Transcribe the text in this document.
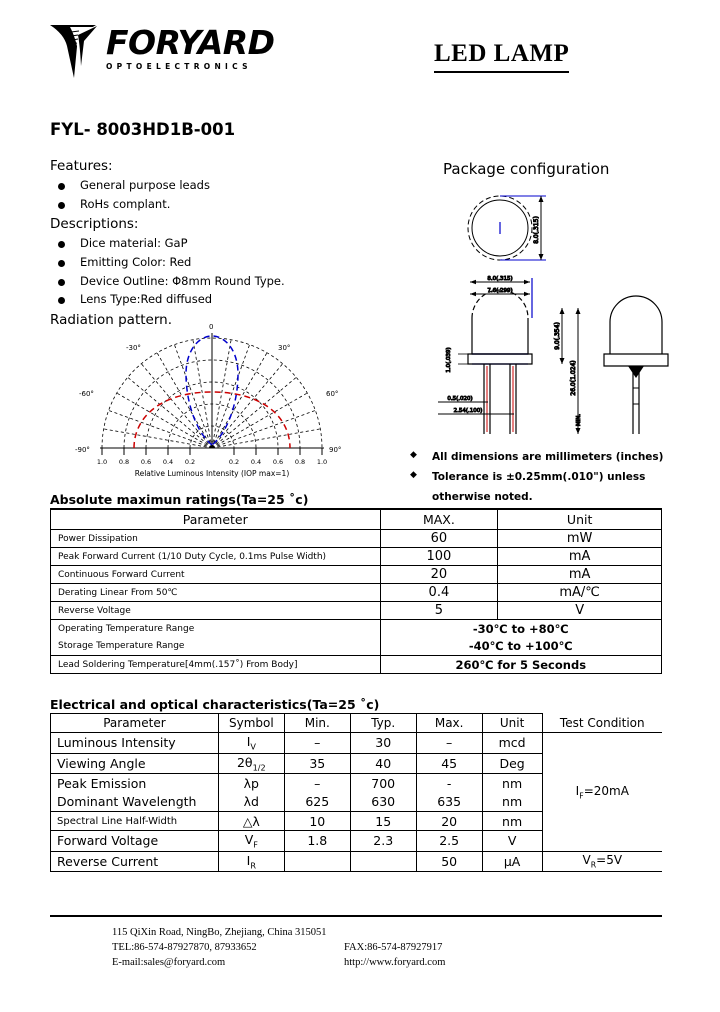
FORYARD
OPTOELECTRONICS	LED LAMP
FYL- 8003HD1B-001
Features:
General purpose leads
RoHs complant.
Descriptions:
Dice material: GaP
Emitting Color: Red
Device Outline: Φ8mm Round Type.
Lens Type:Red diffused
Radiation pattern.
-90°
-60°
-30°
0
30°
60°
90°
1.0 0.8 0.6 0.4 0.2	0.2 0.4 0.6 0.8 1.0
Relative Luminous Intensity (IOP max=1)
Package configuration
8.0(.315)
8.0(.315)
7.6(.299)
0.5(.020)
2.54(.100)
9.0(.354)
26.0(1.024)
MIN.
1.0(.039)
◆ All dimensions are millimeters (inches)
◆ Tolerance is ±0.25mm(.010") unless
otherwise noted.
Absolute maximun ratings(Ta=25 ˚c)
Parameter	MAX.	Unit
Power Dissipation	60	mW
Peak Forward Current (1/10 Duty Cycle, 0.1ms Pulse Width)	100	mA
Continuous Forward Current	20	mA
Derating Linear From 50℃	0.4	mA/℃
Reverse Voltage	5	V
Operating Temperature Range	-30℃ to +80℃	
Storage Temperature Range	-40℃ to +100℃	
Lead Soldering Temperature[4mm(.157˚) From Body]	260℃ for 5 Seconds	
Electrical and optical characteristics(Ta=25 ˚c)
Parameter	Symbol	Min.	Typ.	Max.	Unit	Test Condition
Luminous Intensity	$I_V$	–	30	–	mcd	$I_F=20mA$
Viewing Angle	$2\theta_{1/2}$	35	40	45	Deg	
Peak Emission	λp	–	700	-	nm	
Dominant Wavelength	λd	625	630	635	nm	
Spectral Line Half-Width	△λ	10	15	20	nm	
Forward Voltage	$V_F$	1.8	2.3	2.5	V	
Reverse Current	$I_R$			50	μA	$V_R=5V$
115 QiXin Road, NingBo, Zhejiang, China 315051
TEL:86-574-87927870, 87933652	FAX:86-574-87927917
E-mail:sales@foryard.com	http://www.foryard.com
